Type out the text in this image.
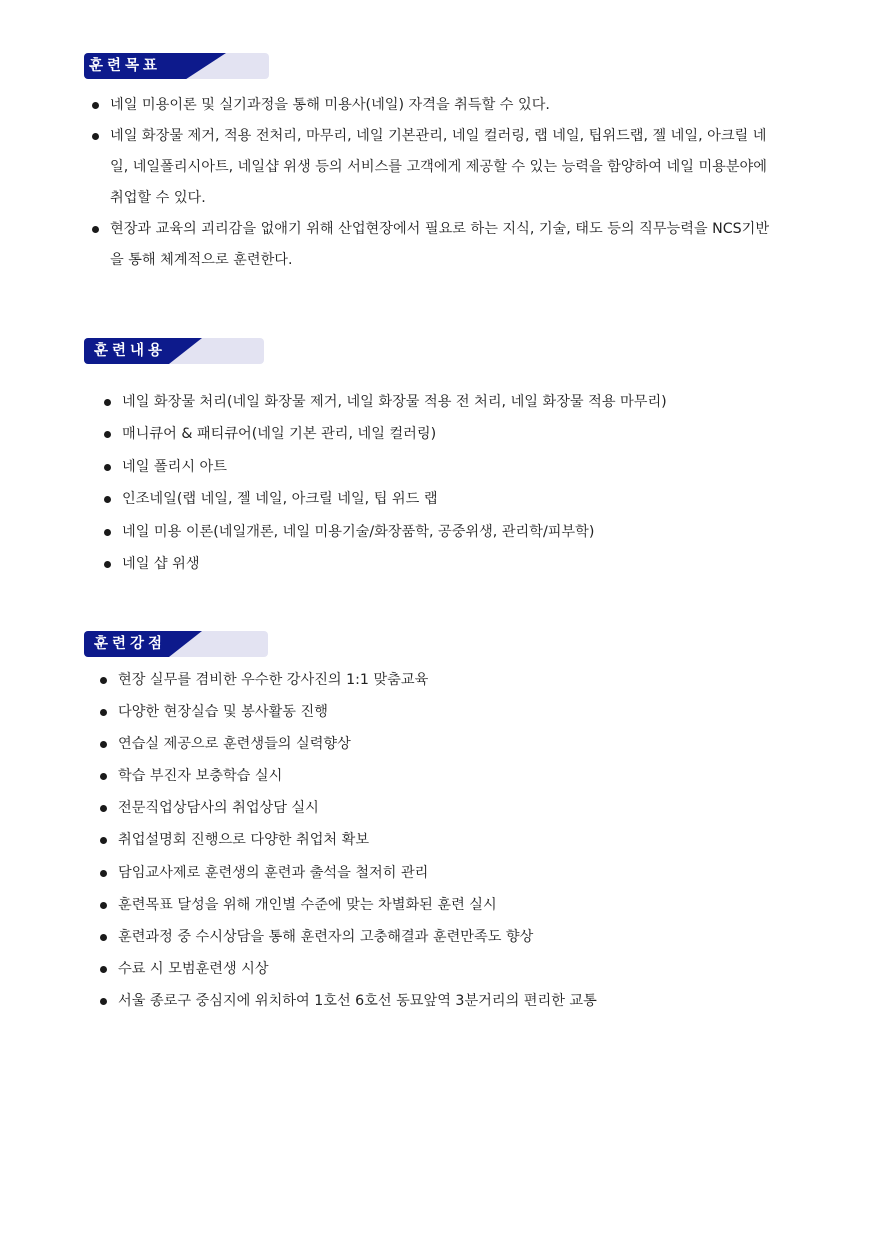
훈련목표
네일 미용이론 및 실기과정을 통해 미용사(네일) 자격을 취득할 수 있다.
네일 화장물 제거, 적용 전처리, 마무리, 네일 기본관리, 네일 컬러링, 랩 네일, 팁위드랩, 젤 네일, 아크릴 네
일, 네일폴리시아트, 네일샵 위생 등의 서비스를 고객에게 제공할 수 있는 능력을 함양하여 네일 미용분야에
취업할 수 있다.
현장과 교육의 괴리감을 없애기 위해 산업현장에서 필요로 하는 지식, 기술, 태도 등의 직무능력을 NCS기반
을 통해 체계적으로 훈련한다.
훈련내용
네일 화장물 처리(네일 화장물 제거, 네일 화장물 적용 전 처리, 네일 화장물 적용 마무리)
매니큐어 & 패티큐어(네일 기본 관리, 네일 컬러링)
네일 폴리시 아트
인조네일(랩 네일, 젤 네일, 아크릴 네일, 팁 위드 랩
네일 미용 이론(네일개론, 네일 미용기술/화장품학, 공중위생, 관리학/피부학)
네일 샵 위생
훈련강점
현장 실무를 겸비한 우수한 강사진의 1:1 맞춤교육
다양한 현장실습 및 봉사활동 진행
연습실 제공으로 훈련생들의 실력향상
학습 부진자 보충학습 실시
전문직업상담사의 취업상담 실시
취업설명회 진행으로 다양한 취업처 확보
담임교사제로 훈련생의 훈련과 출석을 철저히 관리
훈련목표 달성을 위해 개인별 수준에 맞는 차별화된 훈련 실시
훈련과정 중 수시상담을 통해 훈련자의 고충해결과 훈련만족도 향상
수료 시 모범훈련생 시상
서울 종로구 중심지에 위치하여 1호선 6호선 동묘앞역 3분거리의 편리한 교통
